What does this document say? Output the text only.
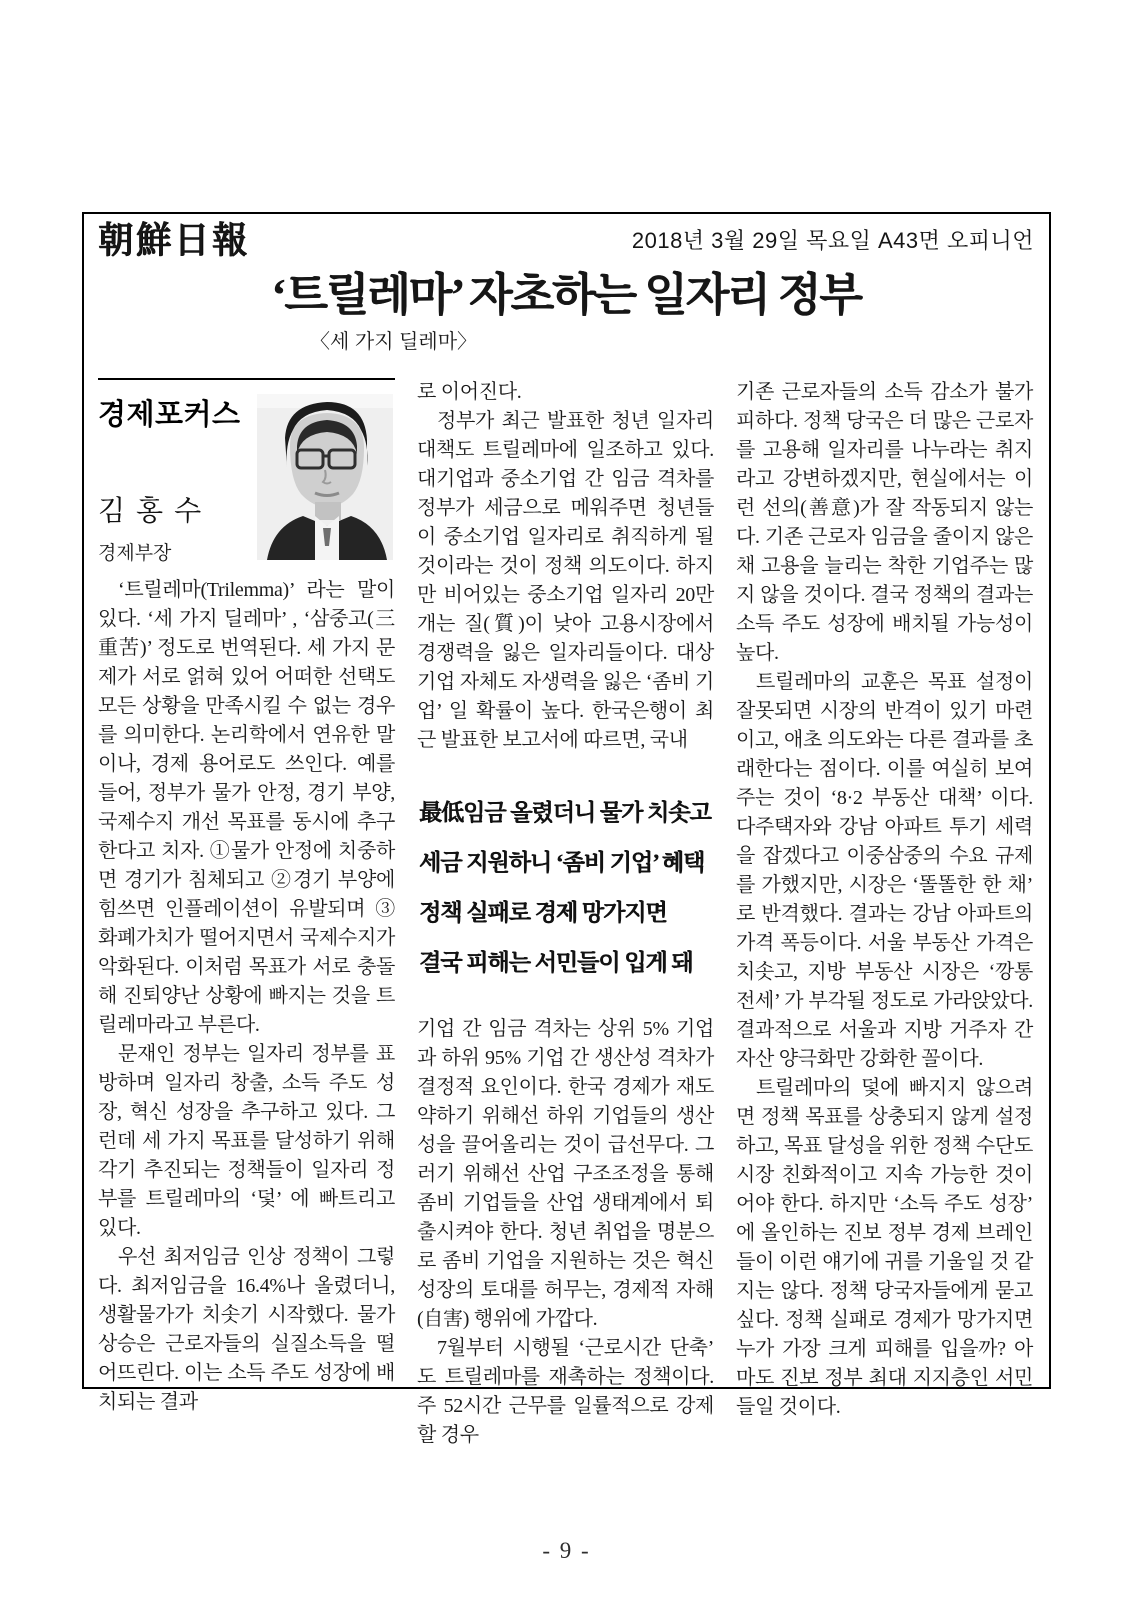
朝鮮日報	2018년 3월 29일 목요일 A43면 오피니언
‘트릴레마’ 자초하는 일자리 정부
〈세 가지 딜레마〉
경제포커스
김 홍 수
경제부장

‘트릴레마(Trilemma)’ 라는 말이 있다. ‘세 가지 딜레마’ , ‘삼중고(三重苦)’ 정도로 번역된다. 세 가지 문제가 서로 얽혀 있어 어떠한 선택도 모든 상황을 만족시킬 수 없는 경우를 의미한다. 논리학에서 연유한 말이나, 경제 용어로도 쓰인다. 예를 들어, 정부가 물가 안정, 경기 부양, 국제수지 개선 목표를 동시에 추구한다고 치자. ①물가 안정에 치중하면 경기가 침체되고 ②경기 부양에 힘쓰면 인플레이션이 유발되며 ③화폐가치가 떨어지면서 국제수지가 악화된다. 이처럼 목표가 서로 충돌해 진퇴양난 상황에 빠지는 것을 트릴레마라고 부른다.

문재인 정부는 일자리 정부를 표방하며 일자리 창출, 소득 주도 성장, 혁신 성장을 추구하고 있다. 그런데 세 가지 목표를 달성하기 위해 각기 추진되는 정책들이 일자리 정부를 트릴레마의 ‘덫’ 에 빠트리고 있다.

우선 최저임금 인상 정책이 그렇다. 최저임금을 16.4%나 올렸더니, 생활물가가 치솟기 시작했다. 물가 상승은 근로자들의 실질소득을 떨어뜨린다. 이는 소득 주도 성장에 배치되는 결과

로 이어진다.

정부가 최근 발표한 청년 일자리 대책도 트릴레마에 일조하고 있다. 대기업과 중소기업 간 임금 격차를 정부가 세금으로 메워주면 청년들이 중소기업 일자리로 취직하게 될 것이라는 것이 정책 의도이다. 하지만 비어있는 중소기업 일자리 20만 개는 질(質)이 낮아 고용시장에서 경쟁력을 잃은 일자리들이다. 대상 기업 자체도 자생력을 잃은 ‘좀비 기업’ 일 확률이 높다. 한국은행이 최근 발표한 보고서에 따르면, 국내

最低임금 올렸더니 물가 치솟고
세금 지원하니 ‘좀비 기업’ 혜택
정책 실패로 경제 망가지면
결국 피해는 서민들이 입게 돼

기업 간 임금 격차는 상위 5% 기업과 하위 95% 기업 간 생산성 격차가 결정적 요인이다. 한국 경제가 재도약하기 위해선 하위 기업들의 생산성을 끌어올리는 것이 급선무다. 그러기 위해선 산업 구조조정을 통해 좀비 기업들을 산업 생태계에서 퇴출시켜야 한다. 청년 취업을 명분으로 좀비 기업을 지원하는 것은 혁신성장의 토대를 허무는, 경제적 자해(自害) 행위에 가깝다.

7월부터 시행될 ‘근로시간 단축’ 도 트릴레마를 재촉하는 정책이다. 주 52시간 근무를 일률적으로 강제할 경우

기존 근로자들의 소득 감소가 불가피하다. 정책 당국은 더 많은 근로자를 고용해 일자리를 나누라는 취지라고 강변하겠지만, 현실에서는 이런 선의(善意)가 잘 작동되지 않는다. 기존 근로자 임금을 줄이지 않은 채 고용을 늘리는 착한 기업주는 많지 않을 것이다. 결국 정책의 결과는 소득 주도 성장에 배치될 가능성이 높다.

트릴레마의 교훈은 목표 설정이 잘못되면 시장의 반격이 있기 마련이고, 애초 의도와는 다른 결과를 초래한다는 점이다. 이를 여실히 보여주는 것이 ‘8·2 부동산 대책’ 이다. 다주택자와 강남 아파트 투기 세력을 잡겠다고 이중삼중의 수요 규제를 가했지만, 시장은 ‘똘똘한 한 채’ 로 반격했다. 결과는 강남 아파트의 가격 폭등이다. 서울 부동산 가격은 치솟고, 지방 부동산 시장은 ‘깡통 전세’ 가 부각될 정도로 가라앉았다. 결과적으로 서울과 지방 거주자 간 자산 양극화만 강화한 꼴이다.

트릴레마의 덫에 빠지지 않으려면 정책 목표를 상충되지 않게 설정하고, 목표 달성을 위한 정책 수단도 시장 친화적이고 지속 가능한 것이어야 한다. 하지만 ‘소득 주도 성장’ 에 올인하는 진보 정부 경제 브레인들이 이런 얘기에 귀를 기울일 것 같지는 않다. 정책 당국자들에게 묻고 싶다. 정책 실패로 경제가 망가지면 누가 가장 크게 피해를 입을까? 아마도 진보 정부 최대 지지층인 서민들일 것이다.

- 9 -
